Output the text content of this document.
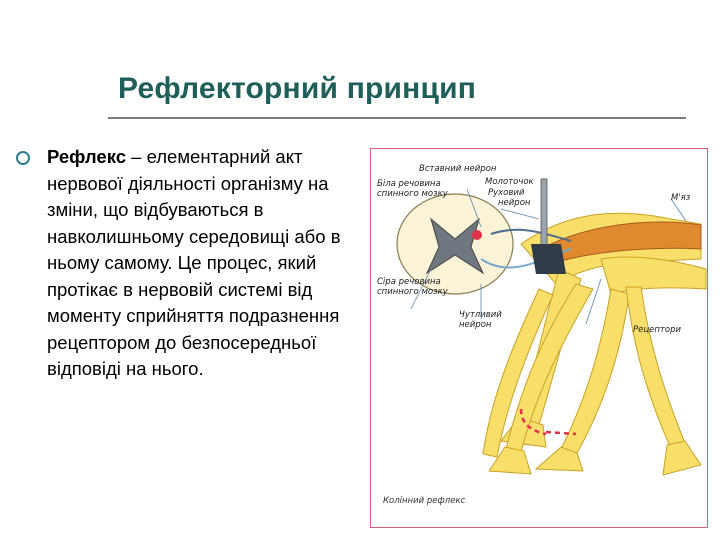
Рефлекторний принцип
Рефлекс – елементарний акт нервової діяльності організму на зміни, що відбуваються в навколишньому середовищі або в ньому самому. Це процес, який протікає в нервовій системі від моменту сприйняття подразнення рецептором до безпосередньої відповіді на нього.
Вставний нейрон
Біла речовина
спинного мозку
Молоточок
Руховий
нейрон	М'яз
Сіра речовина
спинного мозку
Чутливий
нейрон	Рецептори
Колінний рефлекс
